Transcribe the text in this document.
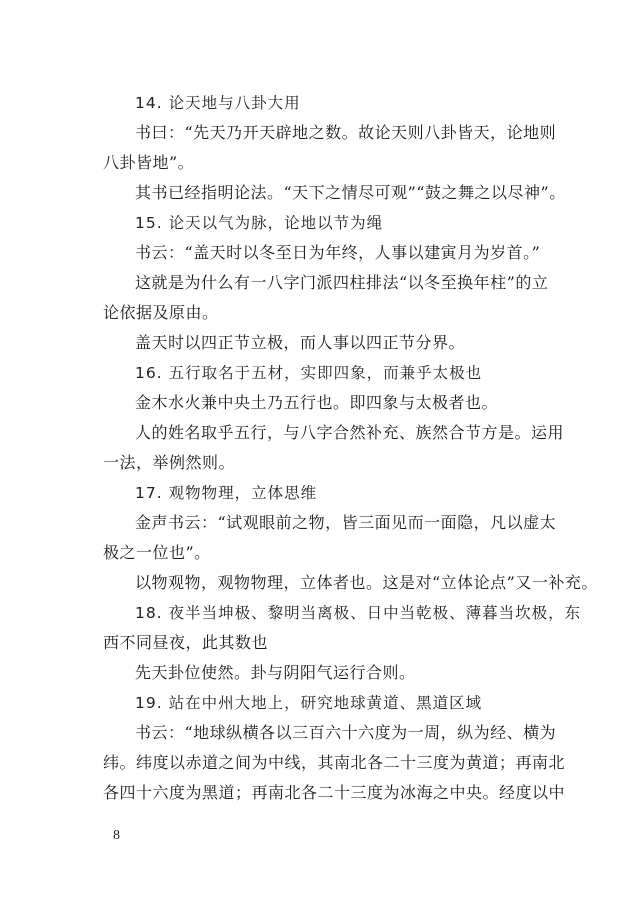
14. 论天地与八卦大用
书曰：“先天乃开天辟地之数。故论天则八卦皆天，论地则
八卦皆地”。
其书已经指明论法。“天下之情尽可观”“鼓之舞之以尽神”。
15. 论天以气为脉，论地以节为绳
书云：“盖天时以冬至日为年终，人事以建寅月为岁首。”
这就是为什么有一八字门派四柱排法“以冬至换年柱”的立
论依据及原由。
盖天时以四正节立极，而人事以四正节分界。
16. 五行取名于五材，实即四象，而兼乎太极也
金木水火兼中央土乃五行也。即四象与太极者也。
人的姓名取乎五行，与八字合然补充、族然合节方是。运用
一法，举例然则。
17. 观物物理，立体思维
金声书云：“试观眼前之物，皆三面见而一面隐，凡以虚太
极之一位也”。
以物观物，观物物理，立体者也。这是对“立体论点”又一补充。
18. 夜半当坤极、黎明当离极、日中当乾极、薄暮当坎极，东
西不同昼夜，此其数也
先天卦位使然。卦与阴阳气运行合则。
19. 站在中州大地上，研究地球黄道、黑道区域
书云：“地球纵横各以三百六十六度为一周，纵为经、横为
纬。纬度以赤道之间为中线，其南北各二十三度为黄道；再南北
各四十六度为黑道；再南北各二十三度为冰海之中央。经度以中
8
